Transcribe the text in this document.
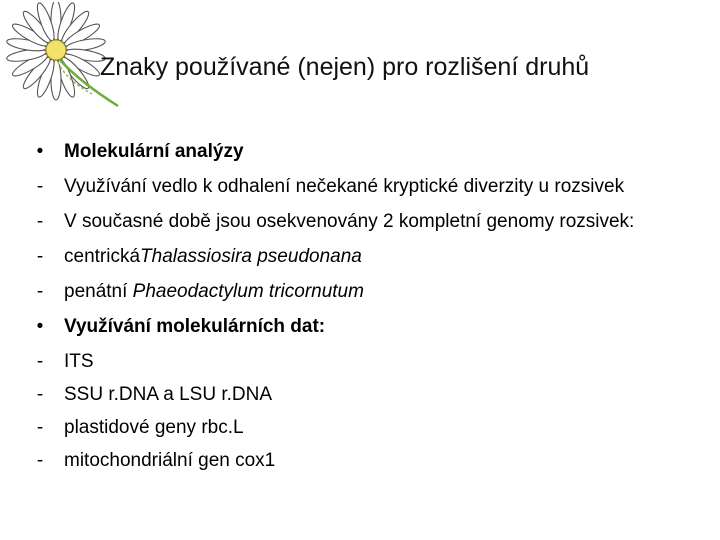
Znaky používané (nejen) pro rozlišení druhů
•	Molekulární analýzy
-	Využívání vedlo k odhalení nečekané kryptické diverzity u rozsivek
-	V současné době jsou osekvenovány 2 kompletní genomy rozsivek:
-	centrickáThalassiosira pseudonana
-	penátní Phaeodactylum tricornutum
•	Využívání molekulárních dat:
-	ITS
-	SSU r.DNA a LSU r.DNA
-	plastidové geny rbc.L
-	mitochondriální gen cox1
